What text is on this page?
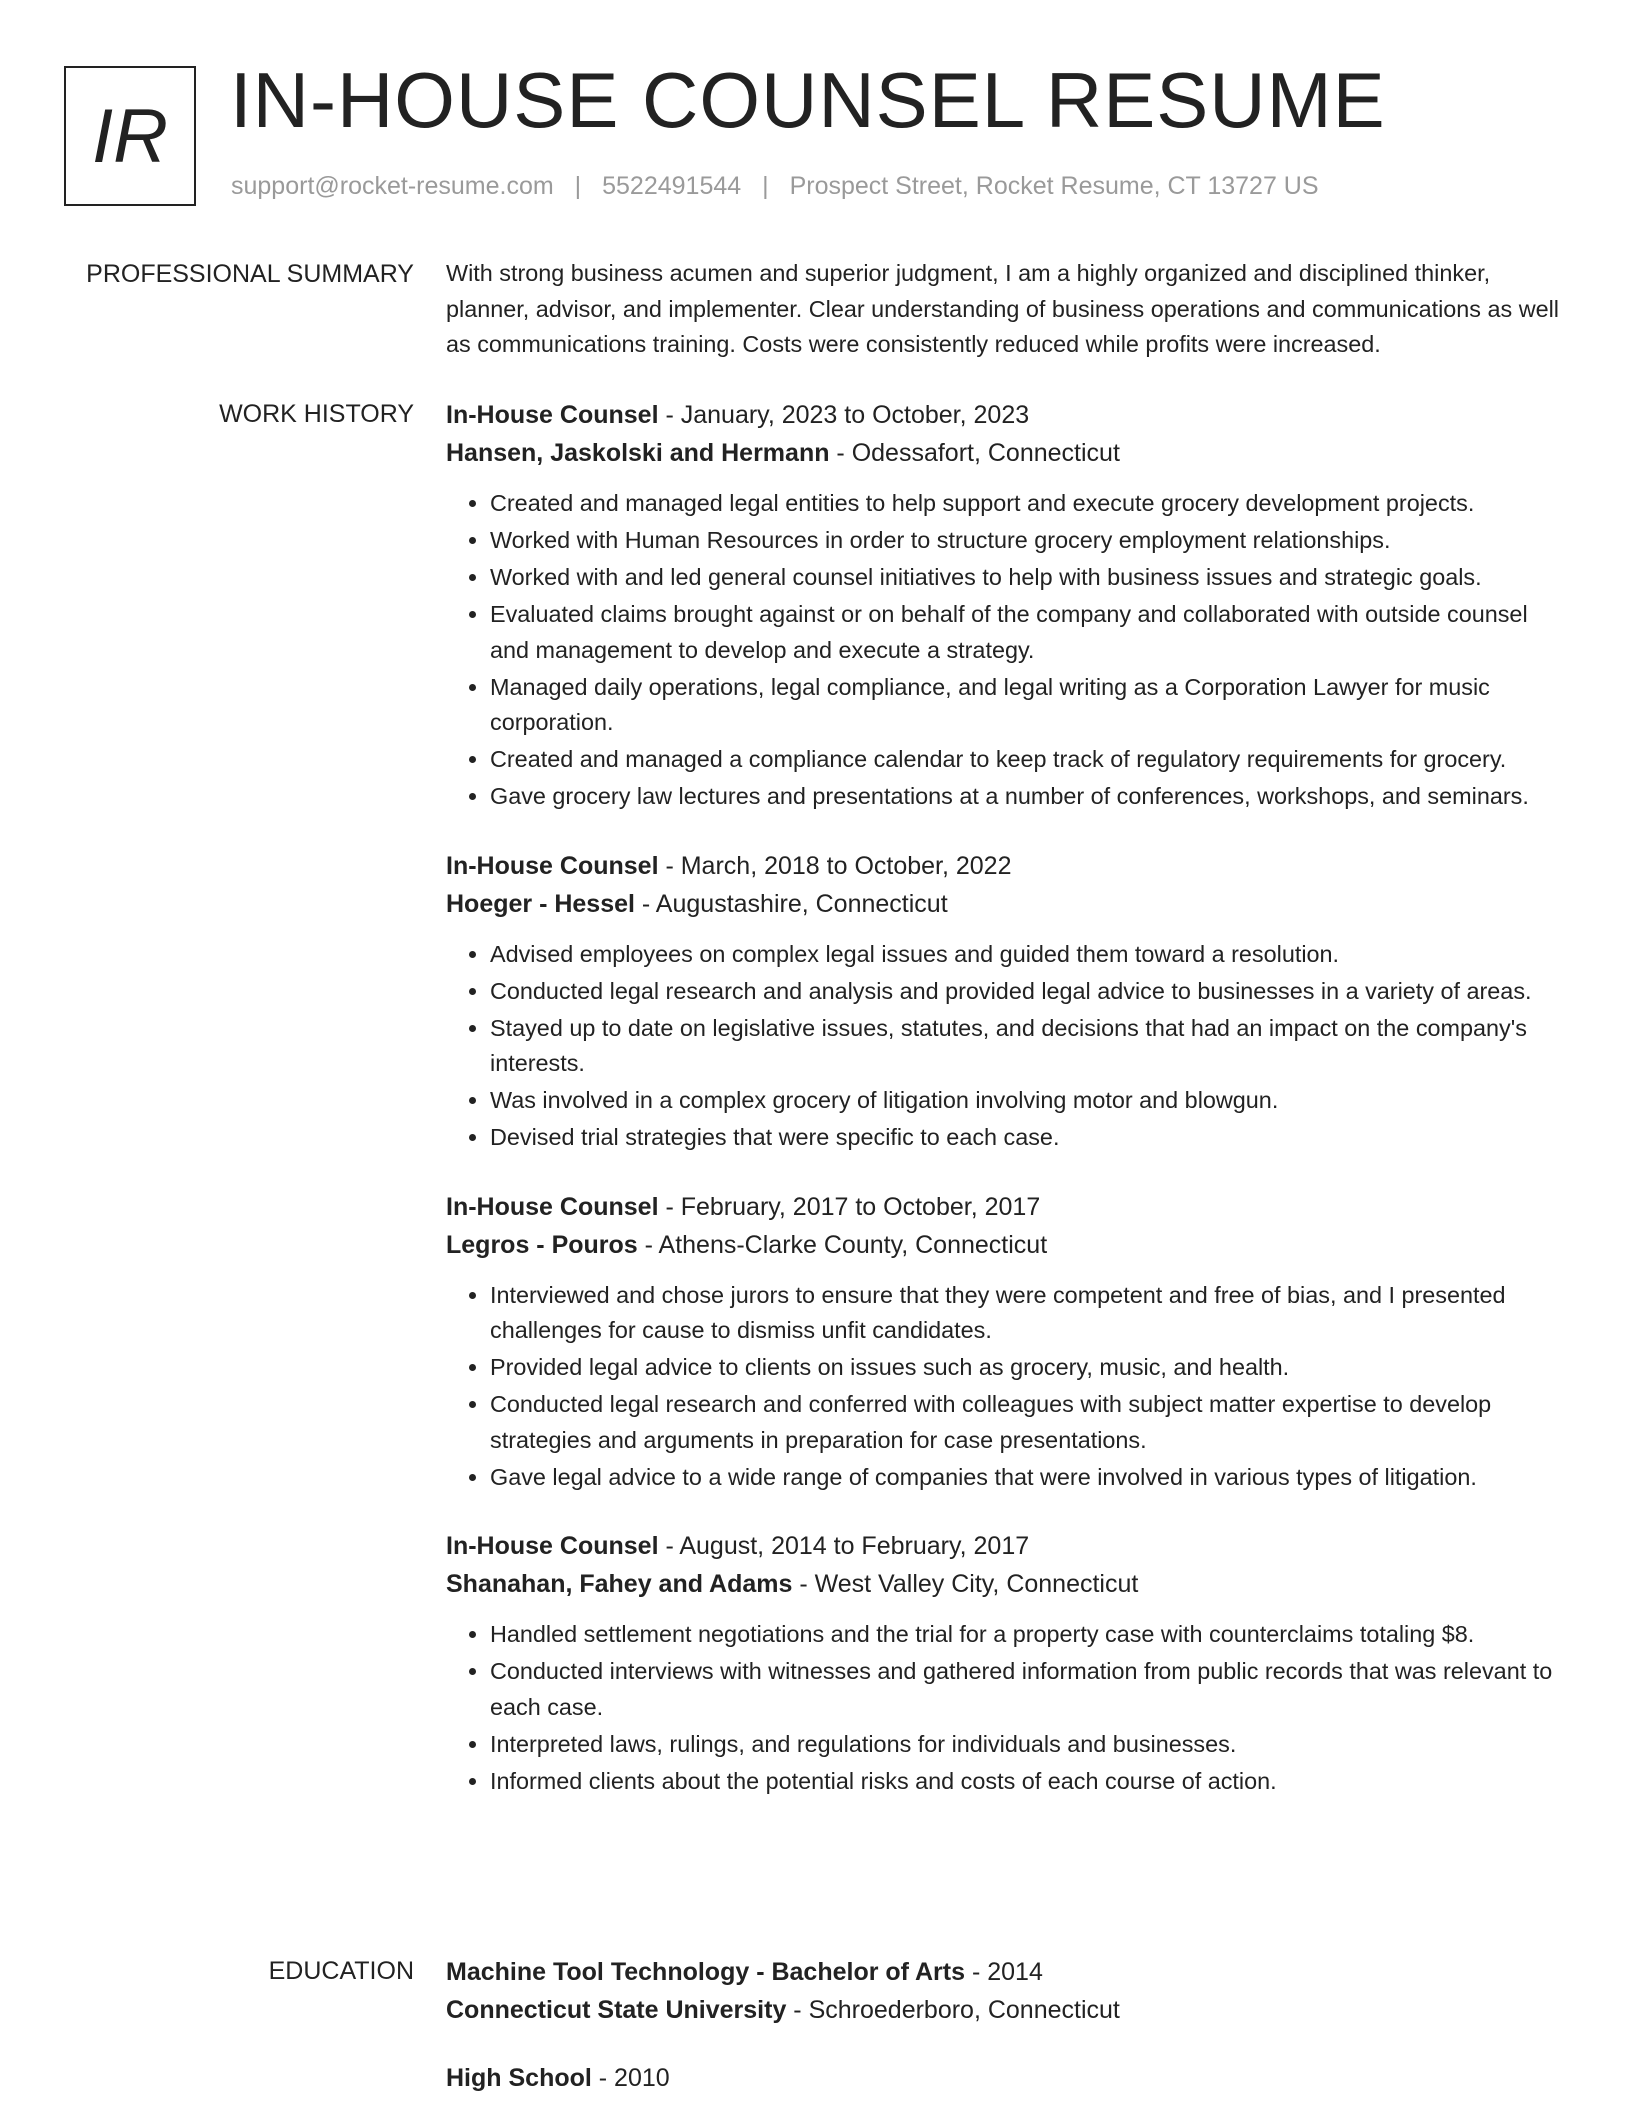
IR IN-HOUSE COUNSEL RESUME
support@rocket-resume.com | 5522491544 | Prospect Street, Rocket Resume, CT 13727 US
PROFESSIONAL SUMMARY With strong business acumen and superior judgment, I am a highly organized and disciplined thinker, planner, advisor, and implementer. Clear understanding of business operations and communications as well as communications training. Costs were consistently reduced while profits were increased.

WORK HISTORY In-House Counsel - January, 2023 to October, 2023
Hansen, Jaskolski and Hermann - Odessafort, Connecticut
• Created and managed legal entities to help support and execute grocery development projects.
• Worked with Human Resources in order to structure grocery employment relationships.
• Worked with and led general counsel initiatives to help with business issues and strategic goals.
• Evaluated claims brought against or on behalf of the company and collaborated with outside counsel and management to develop and execute a strategy.
• Managed daily operations, legal compliance, and legal writing as a Corporation Lawyer for music corporation.
• Created and managed a compliance calendar to keep track of regulatory requirements for grocery.
• Gave grocery law lectures and presentations at a number of conferences, workshops, and seminars.
In-House Counsel - March, 2018 to October, 2022
Hoeger - Hessel - Augustashire, Connecticut
• Advised employees on complex legal issues and guided them toward a resolution.
• Conducted legal research and analysis and provided legal advice to businesses in a variety of areas.
• Stayed up to date on legislative issues, statutes, and decisions that had an impact on the company's interests.
• Was involved in a complex grocery of litigation involving motor and blowgun.
• Devised trial strategies that were specific to each case.
In-House Counsel - February, 2017 to October, 2017
Legros - Pouros - Athens-Clarke County, Connecticut
• Interviewed and chose jurors to ensure that they were competent and free of bias, and I presented challenges for cause to dismiss unfit candidates.
• Provided legal advice to clients on issues such as grocery, music, and health.
• Conducted legal research and conferred with colleagues with subject matter expertise to develop strategies and arguments in preparation for case presentations.
• Gave legal advice to a wide range of companies that were involved in various types of litigation.
In-House Counsel - August, 2014 to February, 2017
Shanahan, Fahey and Adams - West Valley City, Connecticut
• Handled settlement negotiations and the trial for a property case with counterclaims totaling $8.
• Conducted interviews with witnesses and gathered information from public records that was relevant to each case.
• Interpreted laws, rulings, and regulations for individuals and businesses.
• Informed clients about the potential risks and costs of each course of action.
EDUCATION Machine Tool Technology - Bachelor of Arts - 2014
Connecticut State University - Schroederboro, Connecticut
High School - 2010
